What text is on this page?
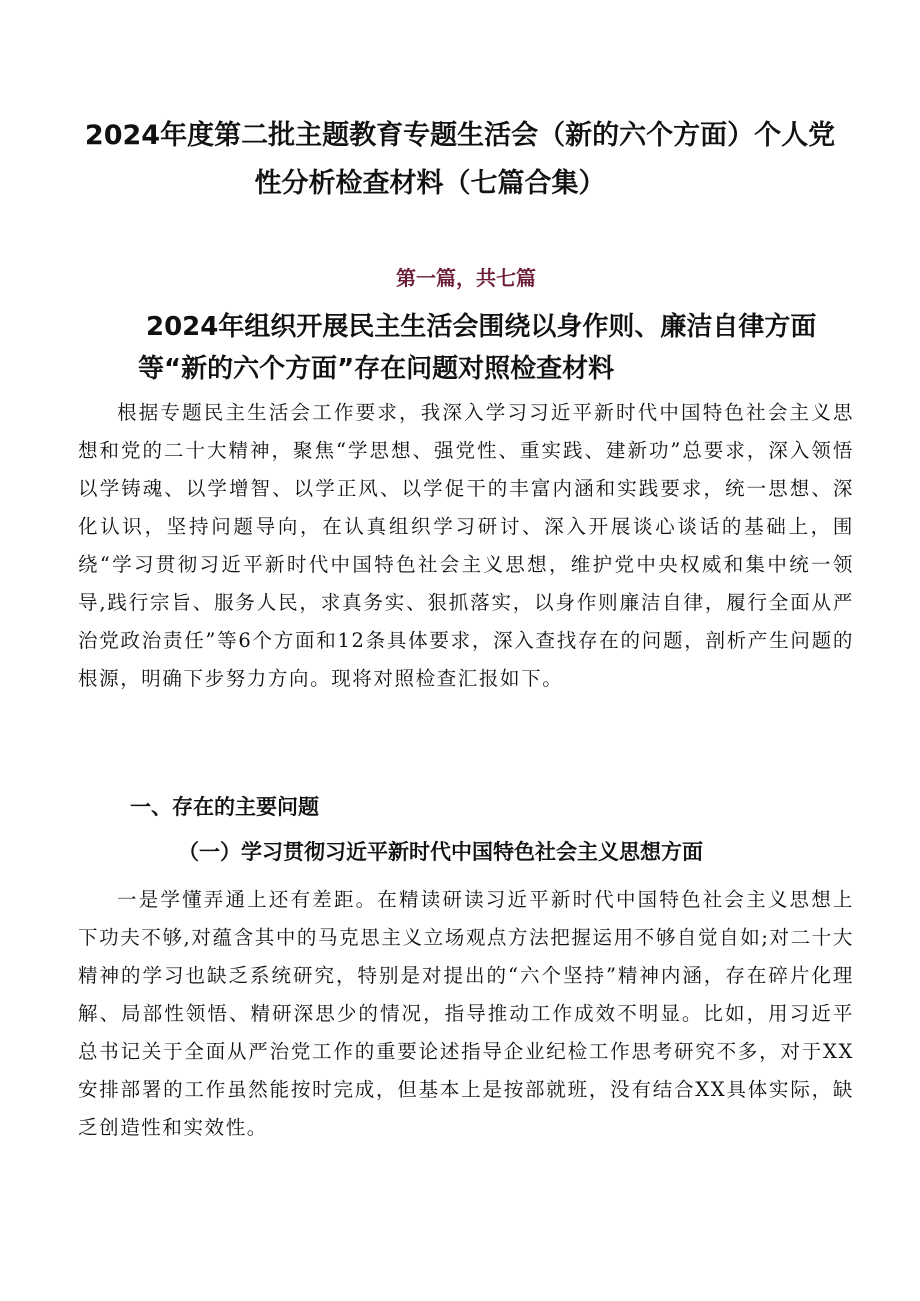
2024年度第二批主题教育专题生活会（新的六个方面）个人党
性分析检查材料（七篇合集）
第一篇，共七篇
2024年组织开展民主生活会围绕以身作则、廉洁自律方面
等“新的六个方面”存在问题对照检查材料

根据专题民主生活会工作要求，我深入学习习近平新时代中国特色社会主义思想和党的二十大精神，聚焦“学思想、强党性、重实践、建新功”总要求，深入领悟以学铸魂、以学增智、以学正风、以学促干的丰富内涵和实践要求，统一思想、深化认识，坚持问题导向，在认真组织学习研讨、深入开展谈心谈话的基础上，围绕“学习贯彻习近平新时代中国特色社会主义思想，维护党中央权威和集中统一领导,践行宗旨、服务人民，求真务实、狠抓落实，以身作则廉洁自律，履行全面从严治党政治责任”等6个方面和12条具体要求，深入查找存在的问题，剖析产生问题的根源，明确下步努力方向。现将对照检查汇报如下。

一、存在的主要问题
（一）学习贯彻习近平新时代中国特色社会主义思想方面

一是学懂弄通上还有差距。在精读研读习近平新时代中国特色社会主义思想上下功夫不够,对蕴含其中的马克思主义立场观点方法把握运用不够自觉自如;对二十大精神的学习也缺乏系统研究，特别是对提出的“六个坚持”精神内涵，存在碎片化理解、局部性领悟、精研深思少的情况，指导推动工作成效不明显。比如，用习近平总书记关于全面从严治党工作的重要论述指导企业纪检工作思考研究不多，对于XX安排部署的工作虽然能按时完成，但基本上是按部就班，没有结合XX具体实际，缺乏创造性和实效性。
